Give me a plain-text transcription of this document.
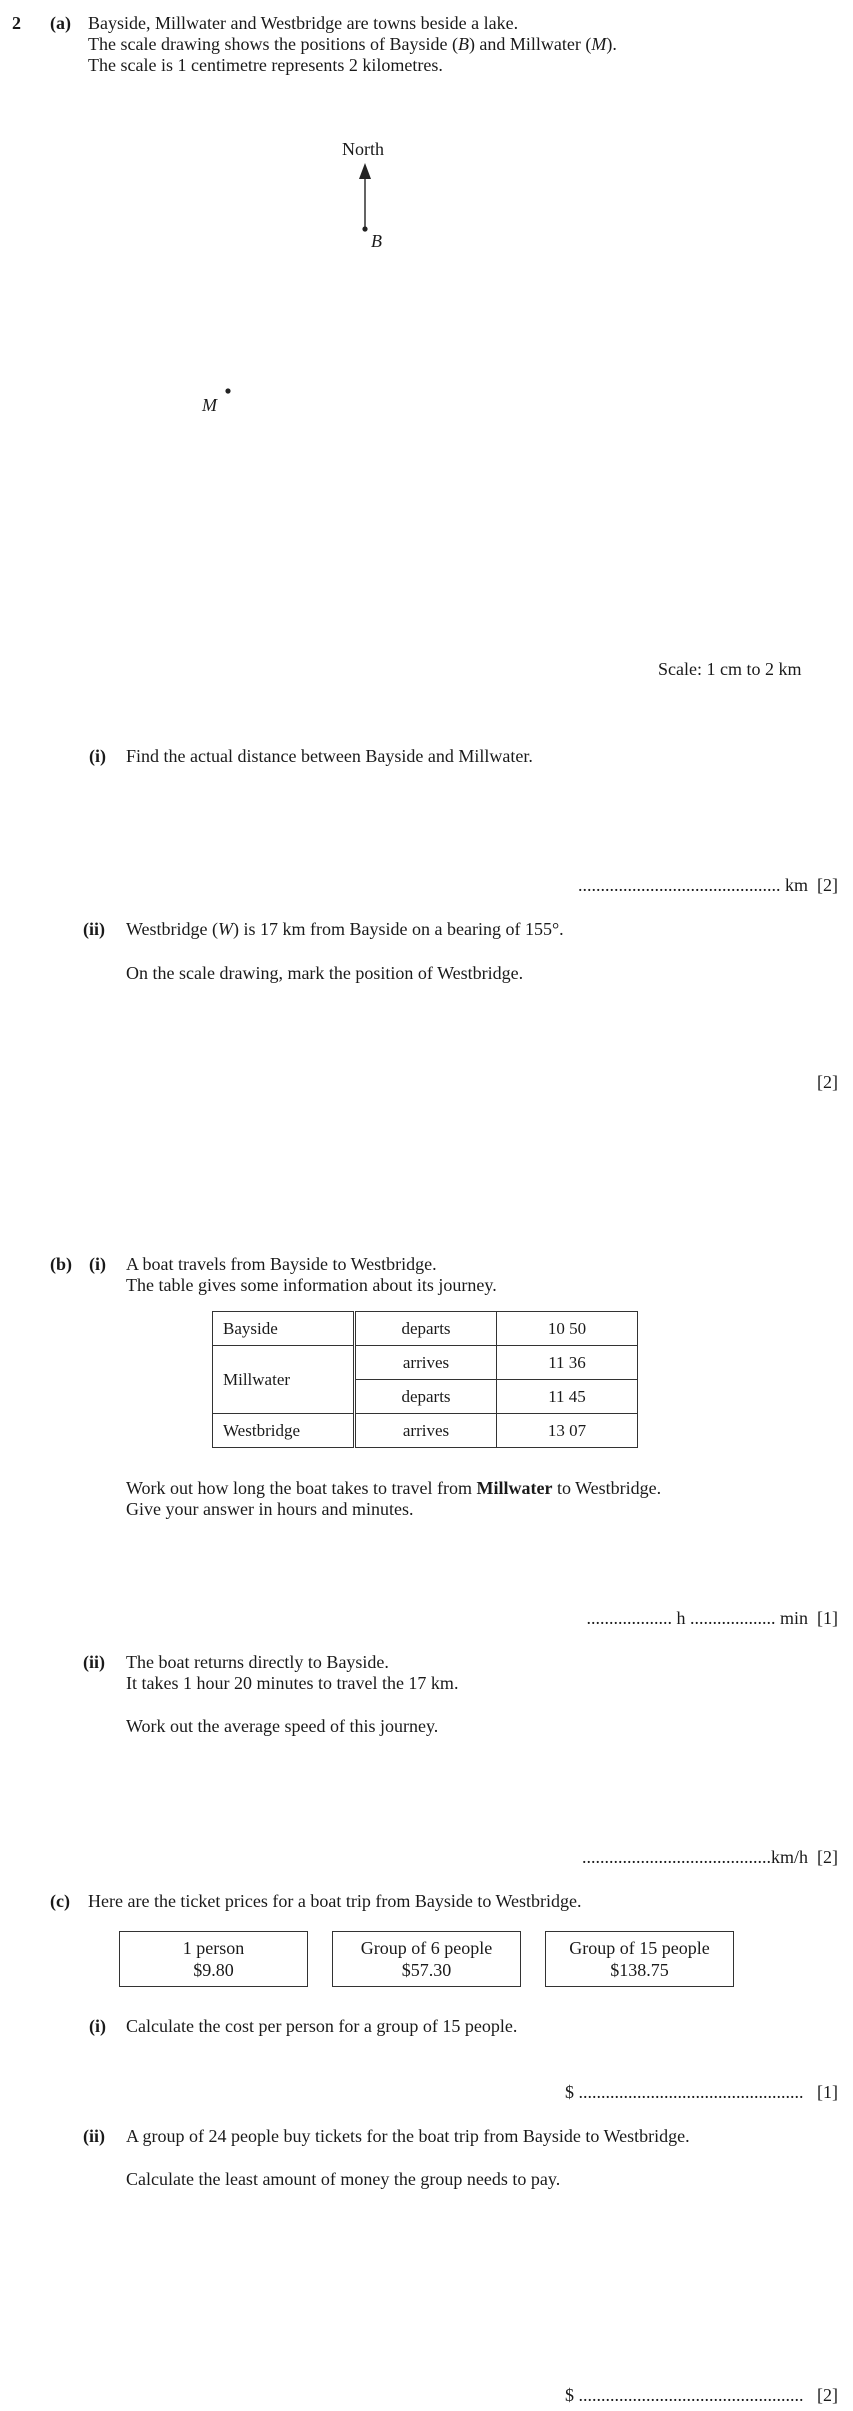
2 (a) Bayside, Millwater and Westbridge are towns beside a lake.
The scale drawing shows the positions of Bayside (B) and Millwater (M).
The scale is 1 centimetre represents 2 kilometres.
North
B
M
Scale: 1 cm to 2 km
(i) Find the actual distance between Bayside and Millwater.
............................................. km [2]
(ii) Westbridge (W) is 17 km from Bayside on a bearing of 155°.
On the scale drawing, mark the position of Westbridge.
[2]
(b) (i) A boat travels from Bayside to Westbridge.
The table gives some information about its journey.
Bayside	departs	10 50
Millwater	arrives	11 36
	departs	11 45
Westbridge	arrives	13 07
Work out how long the boat takes to travel from Millwater to Westbridge.
Give your answer in hours and minutes.
................... h ................... min [1]
(ii) The boat returns directly to Bayside.
It takes 1 hour 20 minutes to travel the 17 km.
Work out the average speed of this journey.
..........................................km/h [2]
(c) Here are the ticket prices for a boat trip from Bayside to Westbridge.
1 person
$9.80
Group of 6 people
$57.30
Group of 15 people
$138.75
(i) Calculate the cost per person for a group of 15 people.
$ .................................................. [1]
(ii) A group of 24 people buy tickets for the boat trip from Bayside to Westbridge.
Calculate the least amount of money the group needs to pay.
$ .................................................. [2]
